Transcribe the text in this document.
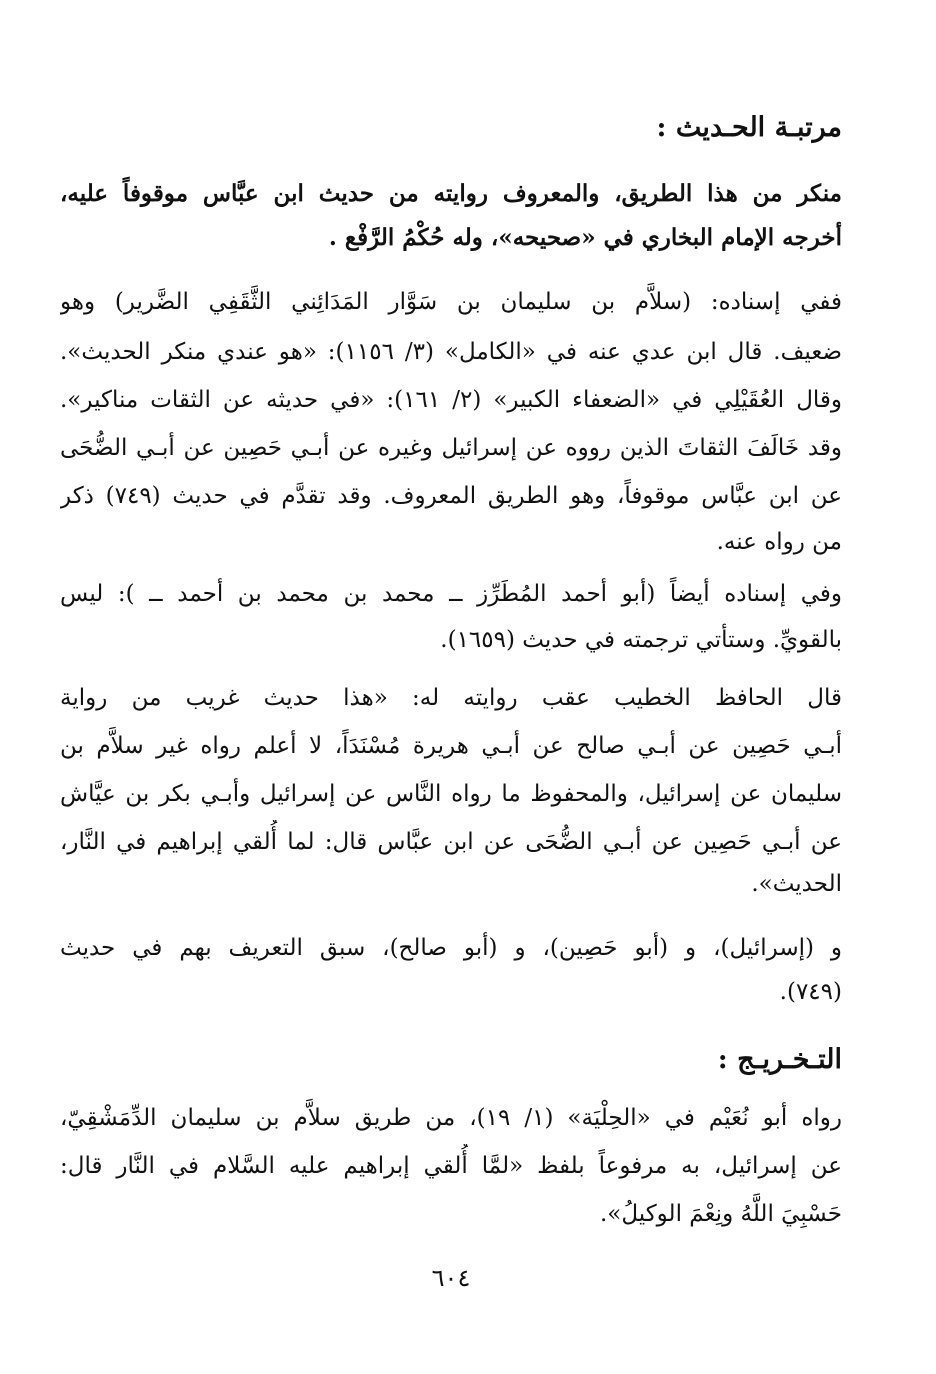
مرتبـة الحـديث :
منكر من هذا الطريق، والمعروف روايته من حديث ابن عبَّاس موقوفاً عليه،
أخرجه الإمام البخاري في «صحيحه»، وله حُكْمُ الرَّفْع .
ففي إسناده: (سلاَّم بن سليمان بن سَوَّار المَدَائِني الثَّقَفِي الضَّرير) وهو
ضعيف. قال ابن عدي عنه في «الكامل» (٣/ ١١٥٦): «هو عندي منكر الحديث».
وقال العُقَيْلِي في «الضعفاء الكبير» (٢/ ١٦١): «في حديثه عن الثقات مناكير».
وقد خَالَفَ الثقاتَ الذين رووه عن إسرائيل وغيره عن أبـي حَصِين عن أبـي الضُّحَى
عن ابن عبَّاس موقوفاً، وهو الطريق المعروف. وقد تقدَّم في حديث (٧٤٩) ذكر
من رواه عنه.
وفي إسناده أيضاً (أبو أحمد المُطَرِّز ــ محمد بن محمد بن أحمد ــ ): ليس
بالقويِّ. وستأتي ترجمته في حديث (١٦٥٩).
قال الحافظ الخطيب عقب روايته له: «هذا حديث غريب من رواية
أبـي حَصِين عن أبـي صالح عن أبـي هريرة مُسْنَدَاً، لا أعلم رواه غير سلاَّم بن
سليمان عن إسرائيل، والمحفوظ ما رواه النَّاس عن إسرائيل وأبـي بكر بن عيَّاش
عن أبـي حَصِين عن أبـي الضُّحَى عن ابن عبَّاس قال: لما أُلقي إبراهيم في النَّار،
الحديث».
و (إسرائيل)، و (أبو حَصِين)، و (أبو صالح)، سبق التعريف بهم في حديث
(٧٤٩).
التـخـريـج :
رواه أبو نُعَيْم في «الحِلْيَة» (١/ ١٩)، من طريق سلاَّم بن سليمان الدِّمَشْقِيّ،
عن إسرائيل، به مرفوعاً بلفظ «لمَّا أُلقي إبراهيم عليه السَّلام في النَّار قال:
حَسْبِيَ اللَّهُ ونِعْمَ الوكيلُ».
٦٠٤
